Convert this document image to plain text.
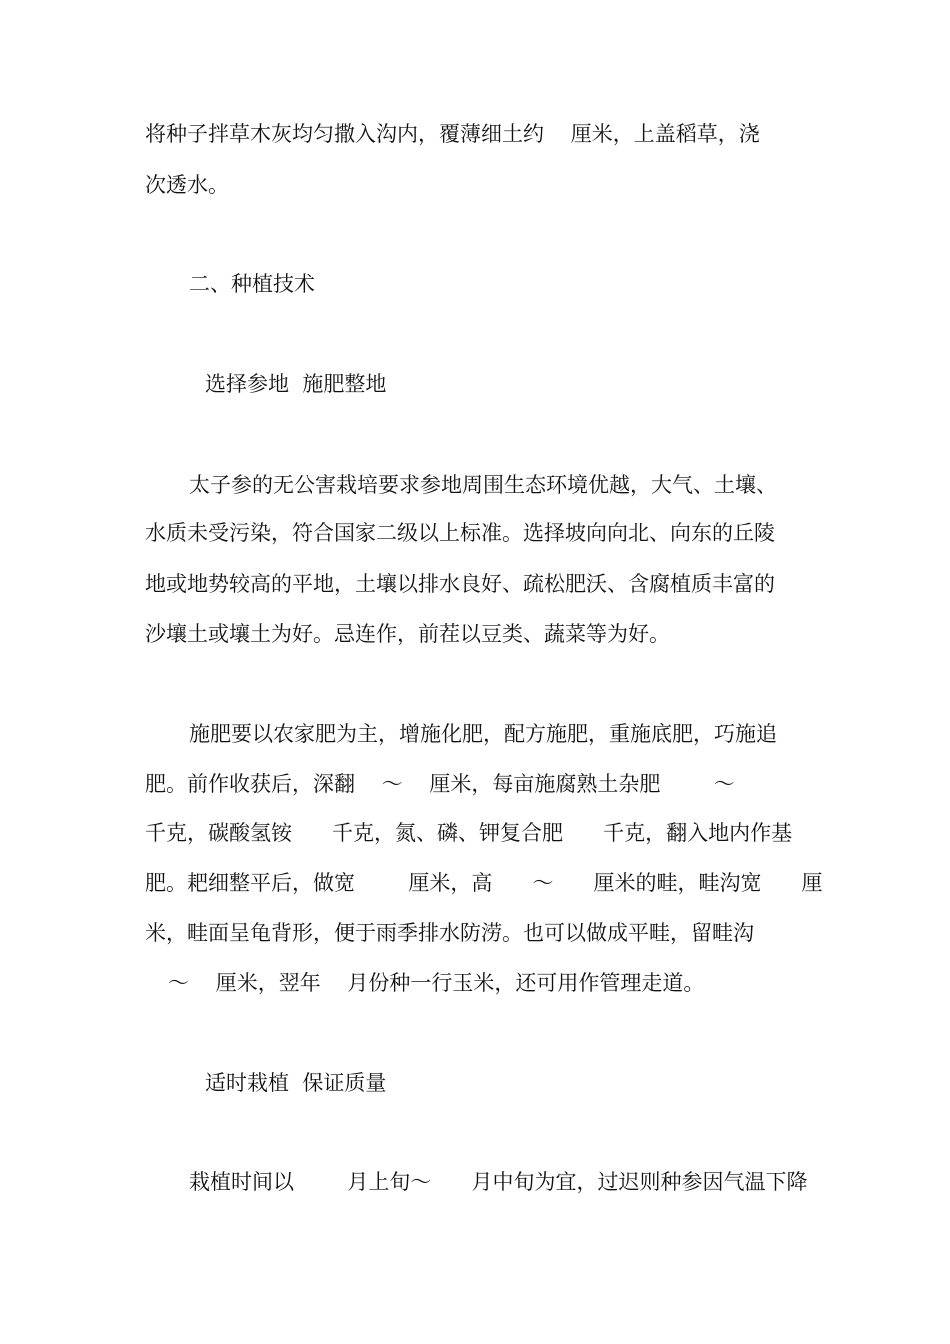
将种子拌草木灰均匀撒入沟内，覆薄细土约    厘米，上盖稻草，浇
次透水。
二、种植技术
选择参地  施肥整地
太子参的无公害栽培要求参地周围生态环境优越，大气、土壤、
水质未受污染，符合国家二级以上标准。选择坡向向北、向东的丘陵
地或地势较高的平地，土壤以排水良好、疏松肥沃、含腐植质丰富的
沙壤土或壤土为好。忌连作，前茬以豆类、蔬菜等为好。
施肥要以农家肥为主，增施化肥，配方施肥，重施底肥，巧施追
肥。前作收获后，深翻    ～    厘米，每亩施腐熟土杂肥        ～
千克，碳酸氢铵      千克，氮、磷、钾复合肥      千克，翻入地内作基
肥。耙细整平后，做宽        厘米，高      ～      厘米的畦，畦沟宽      厘
米，畦面呈龟背形，便于雨季排水防涝。也可以做成平畦，留畦沟
～    厘米，翌年    月份种一行玉米，还可用作管理走道。
适时栽植  保证质量
栽植时间以        月上旬～      月中旬为宜，过迟则种参因气温下降
